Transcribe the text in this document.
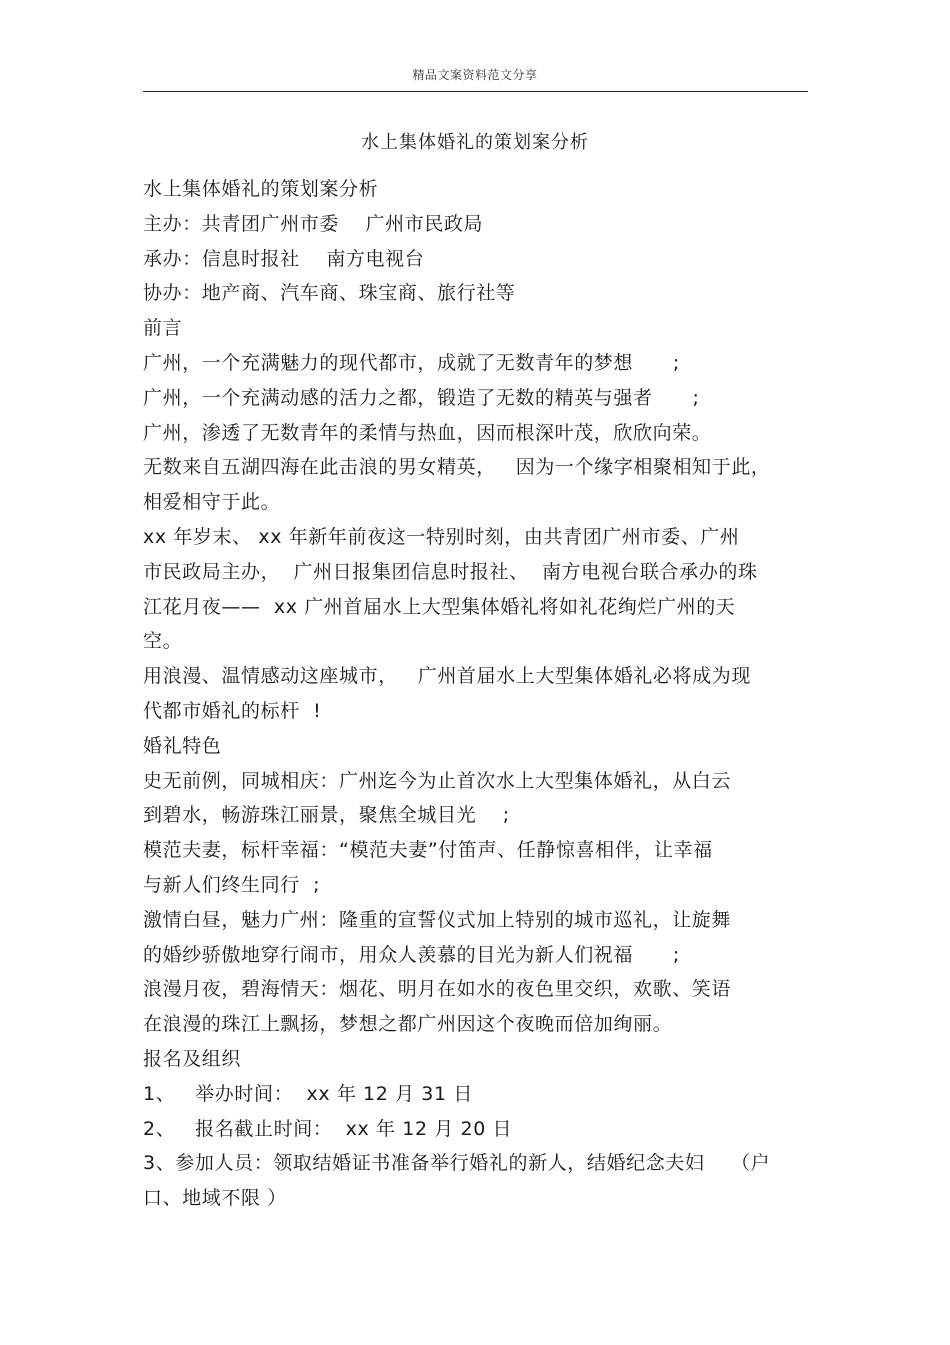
精品文案资料范文分享
水上集体婚礼的策划案分析
水上集体婚礼的策划案分析
主办：共青团广州市委    广州市民政局
承办：信息时报社    南方电视台
协办：地产商、汽车商、珠宝商、旅行社等
前言
广州，一个充满魅力的现代都市，成就了无数青年的梦想      ;
广州，一个充满动感的活力之都，锻造了无数的精英与强者      ;
广州，渗透了无数青年的柔情与热血，因而根深叶茂，欣欣向荣。
无数来自五湖四海在此击浪的男女精英，   因为一个缘字相聚相知于此，
相爱相守于此。
xx 年岁末、 xx 年新年前夜这一特别时刻，由共青团广州市委、广州
市民政局主办，  广州日报集团信息时报社、  南方电视台联合承办的珠
江花月夜——  xx 广州首届水上大型集体婚礼将如礼花绚烂广州的天
空。
用浪漫、温情感动这座城市，   广州首届水上大型集体婚礼必将成为现
代都市婚礼的标杆  !
婚礼特色
史无前例，同城相庆：广州迄今为止首次水上大型集体婚礼，从白云
到碧水，畅游珠江丽景，聚焦全城目光    ;
模范夫妻，标杆幸福：“模范夫妻”付笛声、任静惊喜相伴，让幸福
与新人们终生同行  ;
激情白昼，魅力广州：隆重的宣誓仪式加上特别的城市巡礼，让旋舞
的婚纱骄傲地穿行闹市，用众人羡慕的目光为新人们祝福      ;
浪漫月夜，碧海情天：烟花、明月在如水的夜色里交织，欢歌、笑语
在浪漫的珠江上飘扬，梦想之都广州因这个夜晚而倍加绚丽。
报名及组织
1、   举办时间：  xx 年 12 月 31 日
2、   报名截止时间：  xx 年 12 月 20 日
3、参加人员：领取结婚证书准备举行婚礼的新人，结婚纪念夫妇    （户
口、地域不限 ）
